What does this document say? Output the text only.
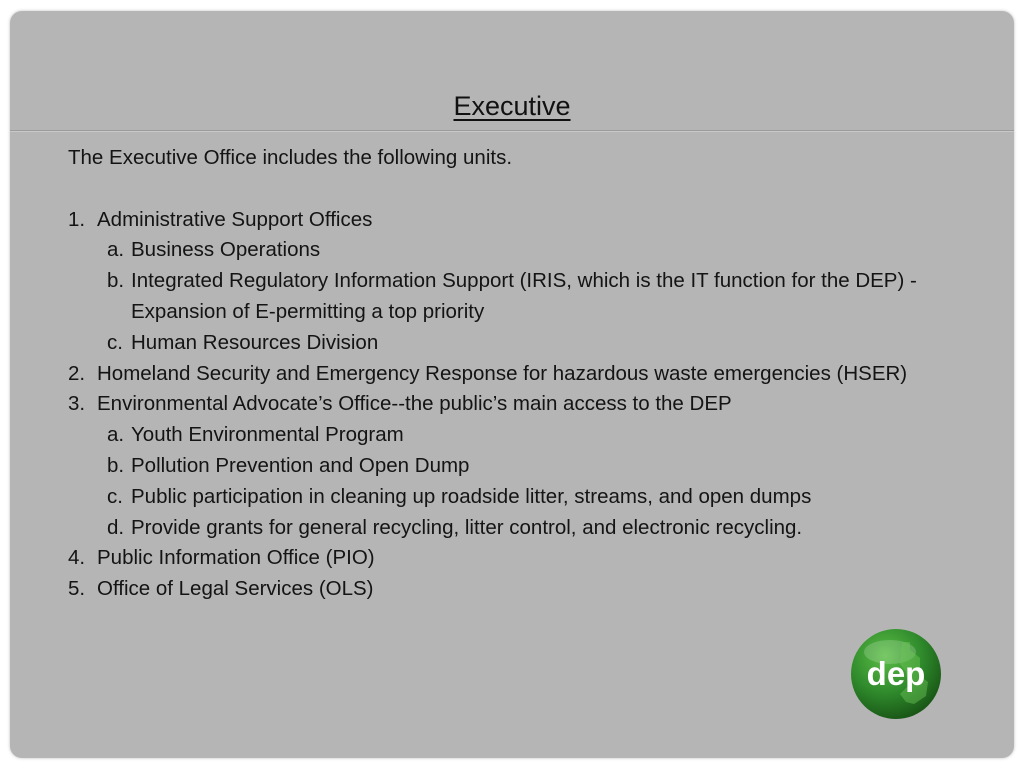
Executive

The Executive Office includes the following units.

1. Administrative Support Offices
a. Business Operations
b. Integrated Regulatory Information Support (IRIS, which is the IT function for the DEP) - Expansion of E-permitting a top priority
c. Human Resources Division
2. Homeland Security and Emergency Response for hazardous waste emergencies (HSER)
3. Environmental Advocate’s Office--the public’s main access to the DEP
a. Youth Environmental Program
b. Pollution Prevention and Open Dump
c. Public participation in cleaning up roadside litter, streams, and open dumps
d. Provide grants for general recycling, litter control, and electronic recycling.
4. Public Information Office (PIO)
5. Office of Legal Services (OLS)
dep
